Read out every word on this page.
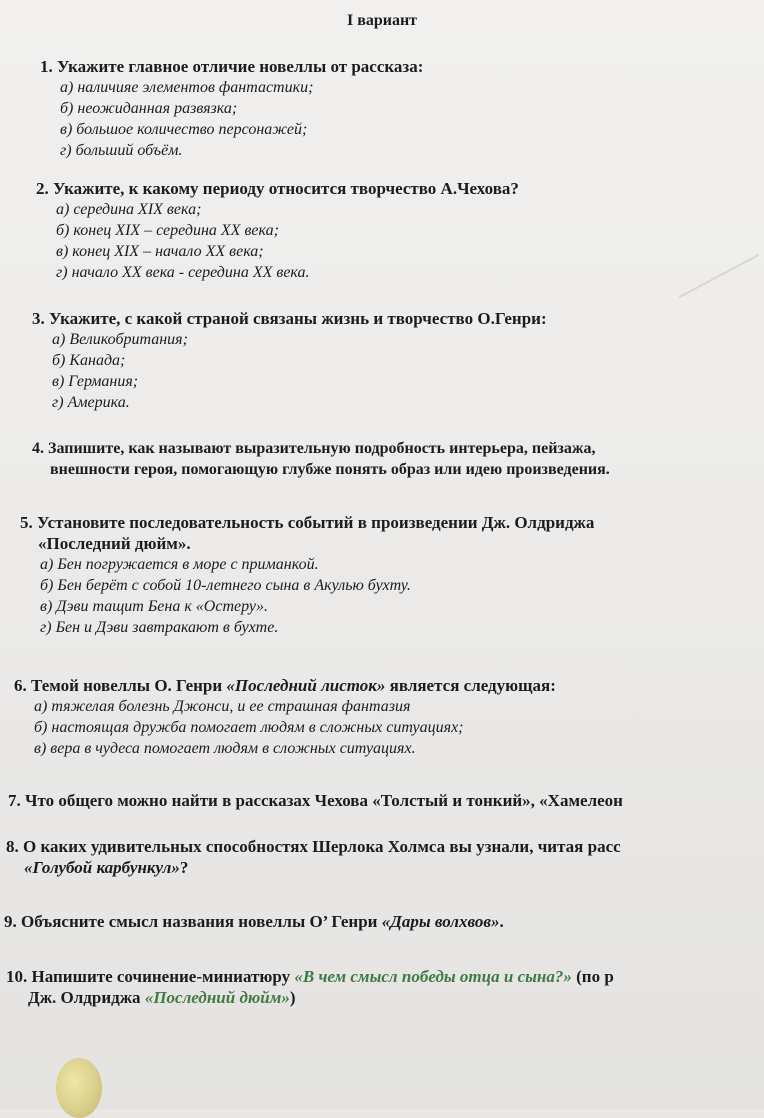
I вариант
1. Укажите главное отличие новеллы от рассказа:
а) наличияе элементов фантастики;
б) неожиданная развязка;
в) большое количество персонажей;
г) больший объём.
2. Укажите, к какому периоду относится творчество А.Чехова?
а) середина XIX века;
б) конец XIX – середина XX века;
в) конец XIX – начало XX века;
г) начало XX века - середина XX века.
3. Укажите, с какой страной связаны жизнь и творчество О.Генри:
а) Великобритания;
б) Канада;
в) Германия;
г) Америка.
4. Запишите, как называют выразительную подробность интерьера, пейзажа,
внешности героя, помогающую глубже понять образ или идею произведения.
5. Установите последовательность событий в произведении Дж. Олдриджа
«Последний дюйм».
а) Бен погружается в море с приманкой.
б) Бен берёт с собой 10-летнего сына в Акулью бухту.
в) Дэви тащит Бена к «Остеру».
г) Бен и Дэви завтракают в бухте.
6. Темой новеллы О. Генри «Последний листок» является следующая:
а) тяжелая болезнь Джонси, и ее страшная фантазия
б) настоящая дружба помогает людям в сложных ситуациях;
в) вера в чудеса помогает людям в сложных ситуациях.
7. Что общего можно найти в рассказах Чехова «Толстый и тонкий», «Хамелеон
8. О каких удивительных способностях Шерлока Холмса вы узнали, читая расс
«Голубой карбункул»?
9. Объясните смысл названия новеллы О’ Генри «Дары волхвов».
10. Напишите сочинение-миниатюру «В чем смысл победы отца и сына?» (по р
Дж. Олдриджа «Последний дюйм»)
